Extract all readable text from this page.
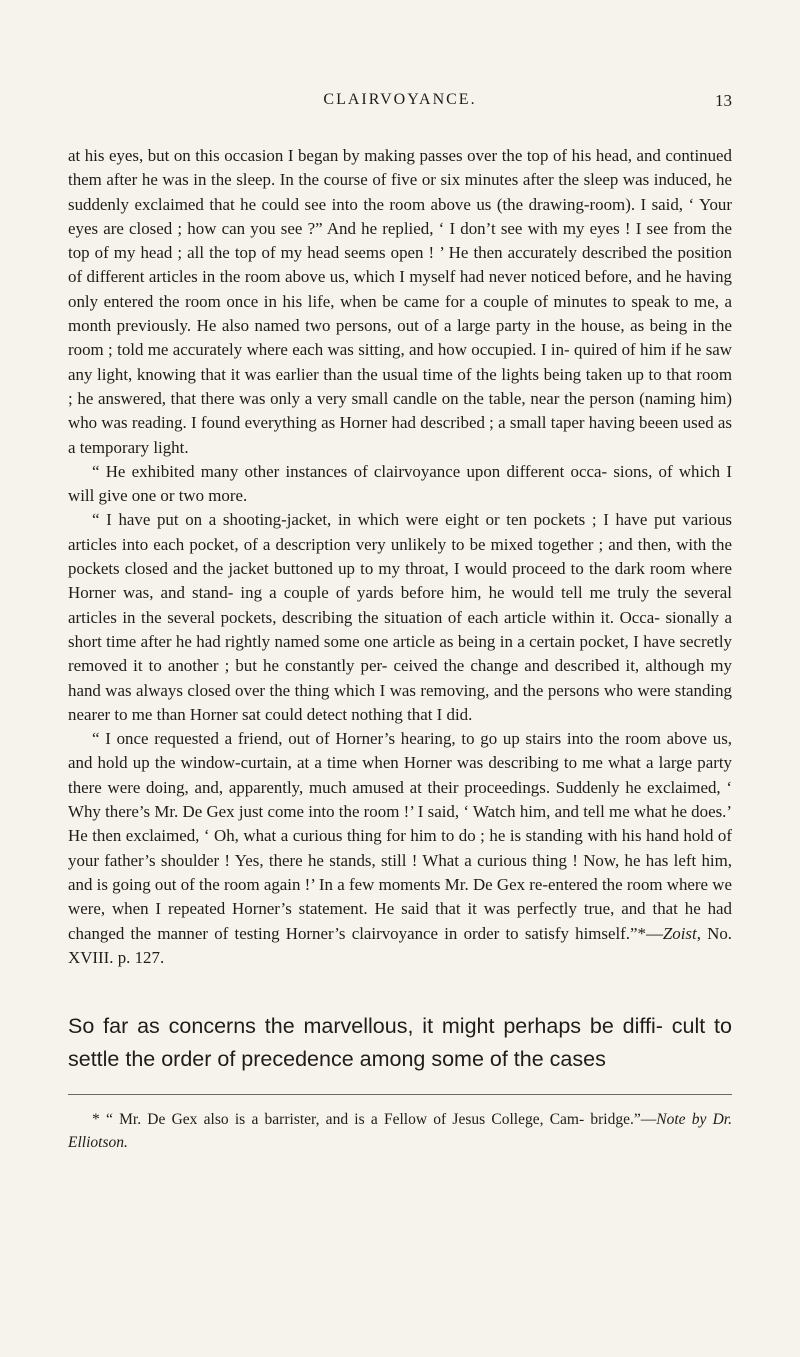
CLAIRVOYANCE.	13

at his eyes, but on this occasion I began by making passes over the top of his head, and continued them after he was in the sleep. In the course of five or six minutes after the sleep was induced, he suddenly exclaimed that he could see into the room above us (the drawing-room). I said, ‘ Your eyes are closed ; how can you see ?” And he replied, ‘ I don’t see with my eyes ! I see from the top of my head ; all the top of my head seems open ! ’ He then accurately described the position of different articles in the room above us, which I myself had never noticed before, and he having only entered the room once in his life, when be came for a couple of minutes to speak to me, a month previously. He also named two persons, out of a large party in the house, as being in the room ; told me accurately where each was sitting, and how occupied. I in- quired of him if he saw any light, knowing that it was earlier than the usual time of the lights being taken up to that room ; he answered, that there was only a very small candle on the table, near the person (naming him) who was reading. I found everything as Horner had described ; a small taper having beeen used as a temporary light.

“ He exhibited many other instances of clairvoyance upon different occa- sions, of which I will give one or two more.

“ I have put on a shooting-jacket, in which were eight or ten pockets ; I have put various articles into each pocket, of a description very unlikely to be mixed together ; and then, with the pockets closed and the jacket buttoned up to my throat, I would proceed to the dark room where Horner was, and stand- ing a couple of yards before him, he would tell me truly the several articles in the several pockets, describing the situation of each article within it. Occa- sionally a short time after he had rightly named some one article as being in a certain pocket, I have secretly removed it to another ; but he constantly per- ceived the change and described it, although my hand was always closed over the thing which I was removing, and the persons who were standing nearer to me than Horner sat could detect nothing that I did.

“ I once requested a friend, out of Horner’s hearing, to go up stairs into the room above us, and hold up the window-curtain, at a time when Horner was describing to me what a large party there were doing, and, apparently, much amused at their proceedings. Suddenly he exclaimed, ‘ Why there’s Mr. De Gex just come into the room !’ I said, ‘ Watch him, and tell me what he does.’ He then exclaimed, ‘ Oh, what a curious thing for him to do ; he is standing with his hand hold of your father’s shoulder ! Yes, there he stands, still ! What a curious thing ! Now, he has left him, and is going out of the room again !’ In a few moments Mr. De Gex re-entered the room where we were, when I repeated Horner’s statement. He said that it was perfectly true, and that he had changed the manner of testing Horner’s clairvoyance in order to satisfy himself.”*—Zoist, No. XVIII. p. 127.

So far as concerns the marvellous, it might perhaps be diffi- cult to settle the order of precedence among some of the cases

* “ Mr. De Gex also is a barrister, and is a Fellow of Jesus College, Cam- bridge.”—Note by Dr. Elliotson.
